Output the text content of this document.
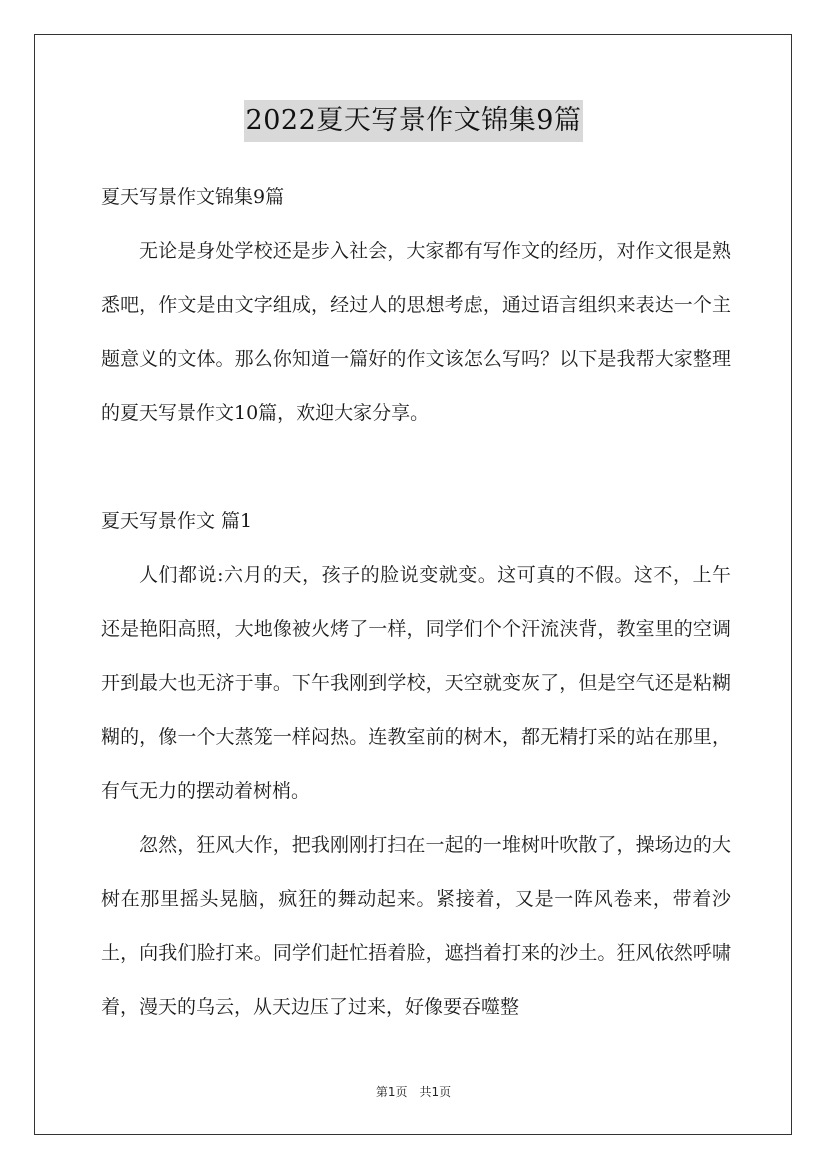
2022夏天写景作文锦集9篇

夏天写景作文锦集9篇

无论是身处学校还是步入社会，大家都有写作文的经历，对作文很是熟悉吧，作文是由文字组成，经过人的思想考虑，通过语言组织来表达一个主题意义的文体。那么你知道一篇好的作文该怎么写吗？以下是我帮大家整理的夏天写景作文10篇，欢迎大家分享。

夏天写景作文 篇1

人们都说:六月的天，孩子的脸说变就变。这可真的不假。这不，上午还是艳阳高照，大地像被火烤了一样，同学们个个汗流浃背，教室里的空调开到最大也无济于事。下午我刚到学校，天空就变灰了，但是空气还是粘糊糊的，像一个大蒸笼一样闷热。连教室前的树木，都无精打采的站在那里，有气无力的摆动着树梢。

忽然，狂风大作，把我刚刚打扫在一起的一堆树叶吹散了，操场边的大树在那里摇头晃脑，疯狂的舞动起来。紧接着，又是一阵风卷来，带着沙土，向我们脸打来。同学们赶忙捂着脸，遮挡着打来的沙土。狂风依然呼啸着，漫天的乌云，从天边压了过来，好像要吞噬整

第1页　共1页
